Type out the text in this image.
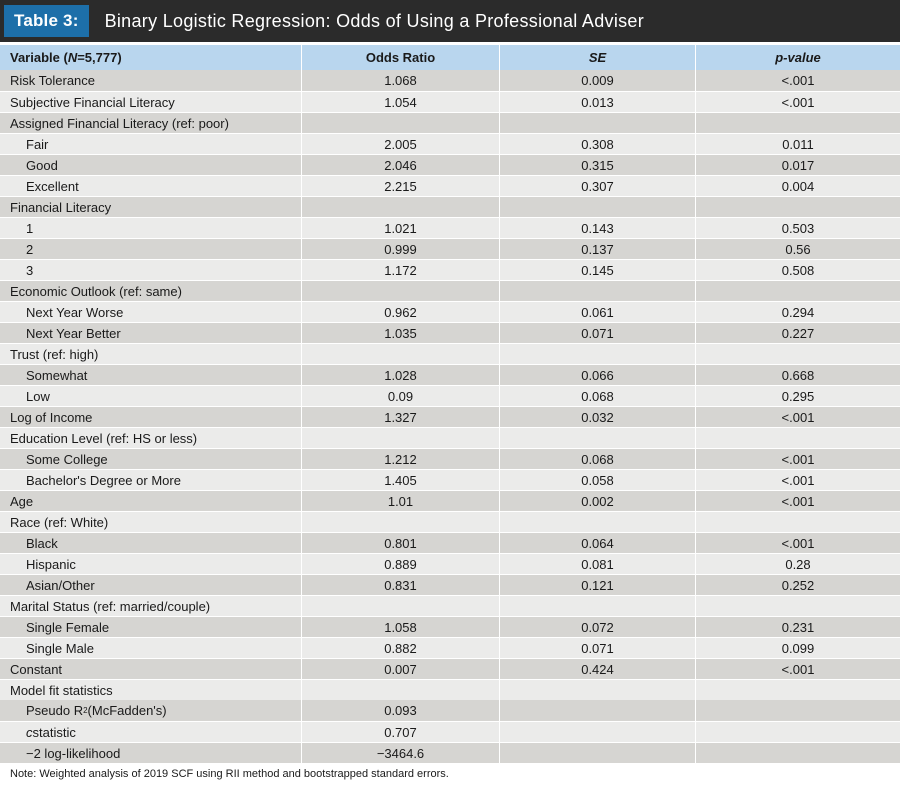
Table 3:	Binary Logistic Regression: Odds of Using a Professional Adviser
Variable ( N =5,777)	Odds Ratio	SE	p-value
Risk Tolerance	1.068	0.009	<.001
Subjective Financial Literacy	1.054	0.013	<.001
Assigned Financial Literacy (ref: poor)
Fair	2.005	0.308	0.011
Good	2.046	0.315	0.017
Excellent	2.215	0.307	0.004
Financial Literacy
1	1.021	0.143	0.503
2	0.999	0.137	0.56
3	1.172	0.145	0.508
Economic Outlook (ref: same)
Next Year Worse	0.962	0.061	0.294
Next Year Better	1.035	0.071	0.227
Trust (ref: high)
Somewhat	1.028	0.066	0.668
Low	0.09	0.068	0.295
Log of Income	1.327	0.032	<.001
Education Level (ref: HS or less)
Some College	1.212	0.068	<.001
Bachelor's Degree or More	1.405	0.058	<.001
Age	1.01	0.002	<.001
Race (ref: White)
Black	0.801	0.064	<.001
Hispanic	0.889	0.081	0.28
Asian/Other	0.831	0.121	0.252
Marital Status (ref: married/couple)
Single Female	1.058	0.072	0.231
Single Male	0.882	0.071	0.099
Constant	0.007	0.424	<.001
Model fit statistics
Pseudo R 2 (McFadden's)	0.093
c statistic	0.707
−2 log-likelihood	−3464.6
Note: Weighted analysis of 2019 SCF using RII method and bootstrapped standard errors.
